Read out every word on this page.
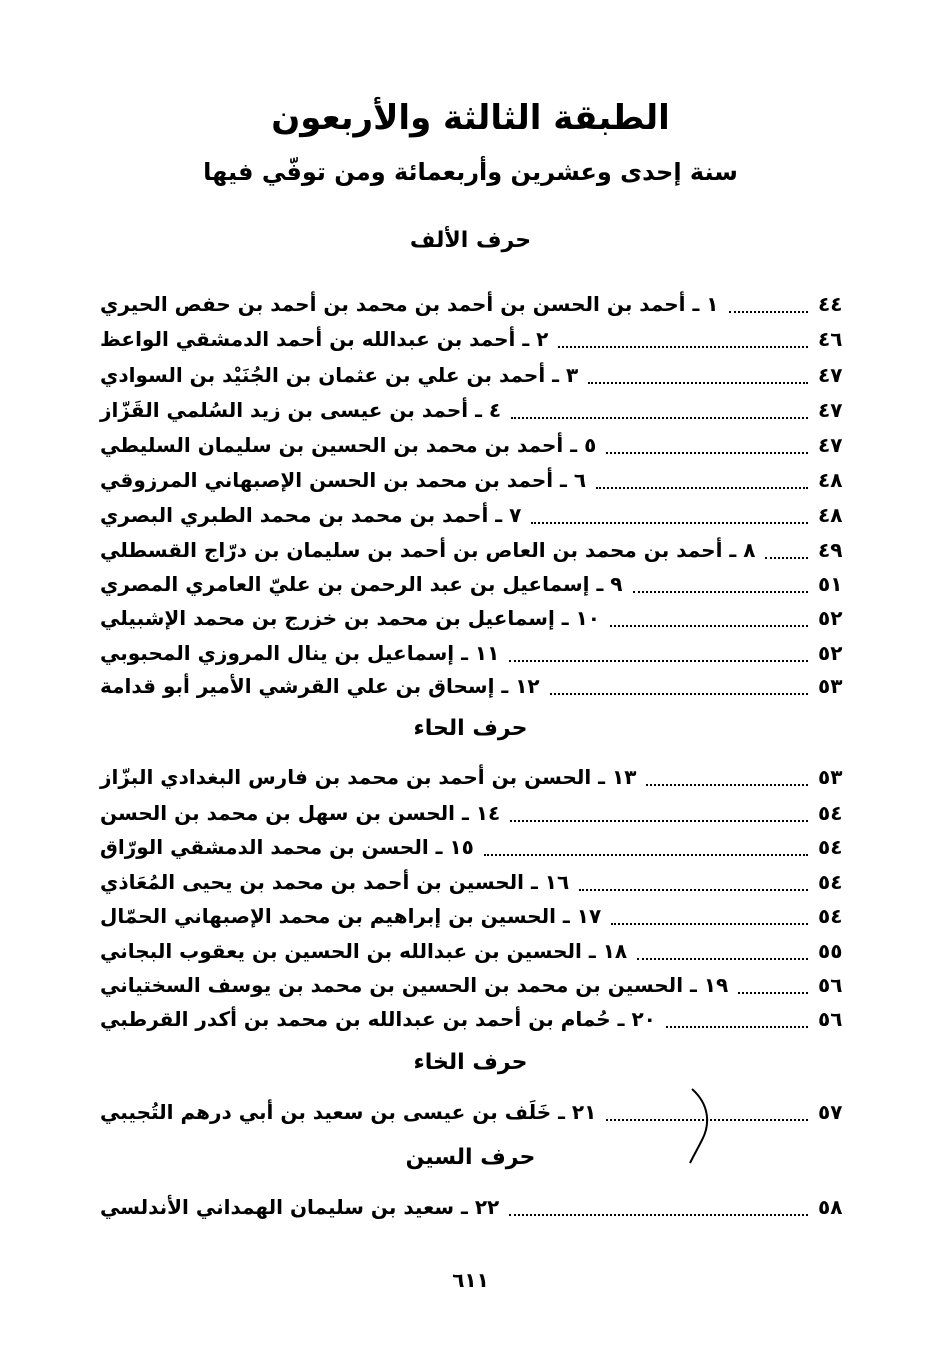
الطبقة الثالثة والأربعون
سنة إحدى وعشرين وأربعمائة ومن توفّي فيها
حرف الألف
١ ـ أحمد بن الحسن بن أحمد بن محمد بن أحمد بن حفص الحيري	٤٤
٢ ـ أحمد بن عبدالله بن أحمد الدمشقي الواعظ	٤٦
٣ ـ أحمد بن علي بن عثمان بن الجُنَيْد بن السوادي	٤٧
٤ ـ أحمد بن عيسى بن زيد السُلمي القَزّاز	٤٧
٥ ـ أحمد بن محمد بن الحسين بن سليمان السليطي	٤٧
٦ ـ أحمد بن محمد بن الحسن الإصبهاني المرزوقي	٤٨
٧ ـ أحمد بن محمد بن محمد الطبري البصري	٤٨
٨ ـ أحمد بن محمد بن العاص بن أحمد بن سليمان بن درّاج القسطلي	٤٩
٩ ـ إسماعيل بن عبد الرحمن بن عليّ العامري المصري	٥١
١٠ ـ إسماعيل بن محمد بن خزرج بن محمد الإشبيلي	٥٢
١١ ـ إسماعيل بن ينال المروزي المحبوبي	٥٢
١٢ ـ إسحاق بن علي القرشي الأمير أبو قدامة	٥٣
حرف الحاء
١٣ ـ الحسن بن أحمد بن محمد بن فارس البغدادي البزّاز	٥٣
١٤ ـ الحسن بن سهل بن محمد بن الحسن	٥٤
١٥ ـ الحسن بن محمد الدمشقي الورّاق	٥٤
١٦ ـ الحسين بن أحمد بن محمد بن يحيى المُعَاذي	٥٤
١٧ ـ الحسين بن إبراهيم بن محمد الإصبهاني الحمّال	٥٤
١٨ ـ الحسين بن عبدالله بن الحسين بن يعقوب البجاني	٥٥
١٩ ـ الحسين بن محمد بن الحسين بن محمد بن يوسف السختياني	٥٦
٢٠ ـ حُمام بن أحمد بن عبدالله بن محمد بن أكدر القرطبي	٥٦
حرف الخاء
٢١ ـ خَلَف بن عيسى بن سعيد بن أبي درهم التُجيبي	٥٧
حرف السين
٢٢ ـ سعيد بن سليمان الهمداني الأندلسي	٥٨
٦١١
